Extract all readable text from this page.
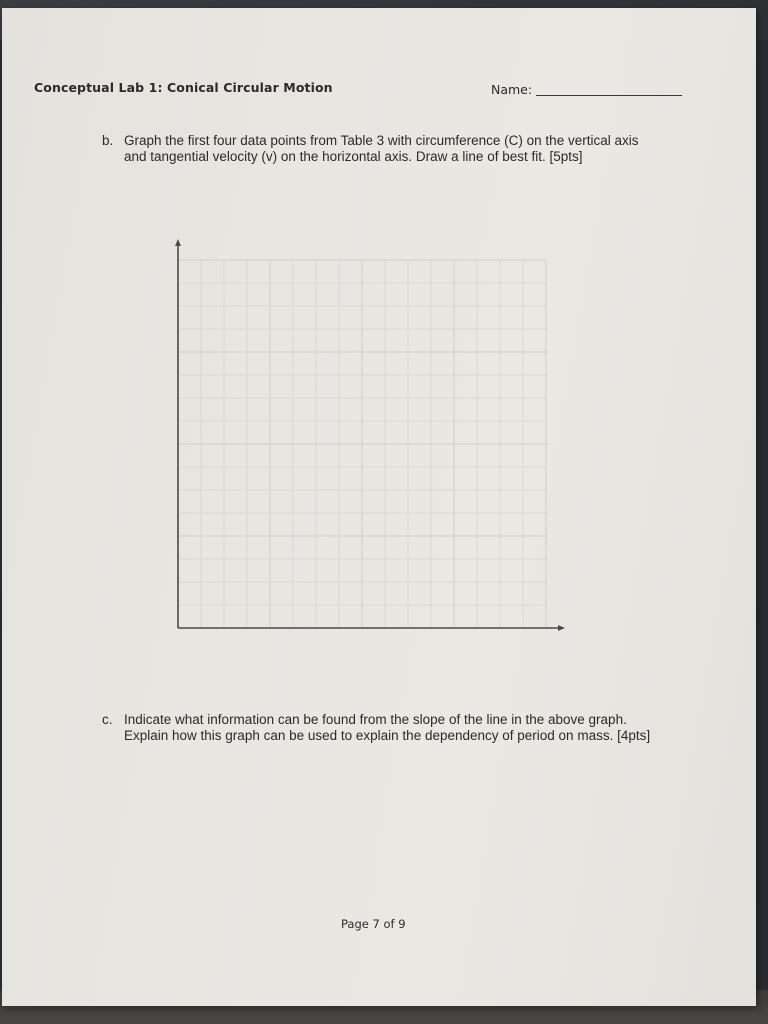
Conceptual Lab 1: Conical Circular Motion	Name:
b. Graph the first four data points from Table 3 with circumference (C) on the vertical axis
and tangential velocity (v) on the horizontal axis. Draw a line of best fit. [5pts]
c. Indicate what information can be found from the slope of the line in the above graph.
Explain how this graph can be used to explain the dependency of period on mass. [4pts]
Page 7 of 9
